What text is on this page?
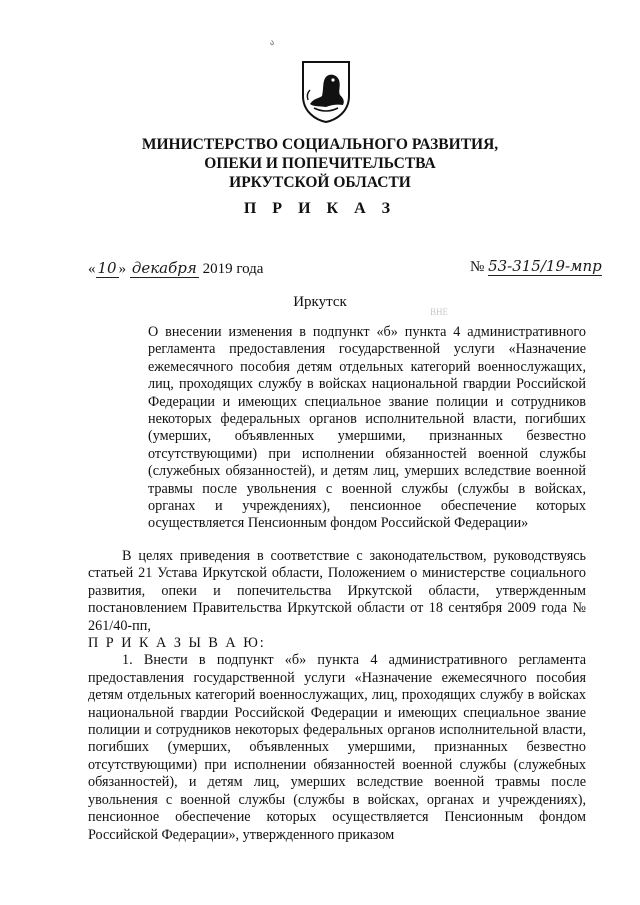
ა
МИНИСТЕРСТВО СОЦИАЛЬНОГО РАЗВИТИЯ,
ОПЕКИ И ПОПЕЧИТЕЛЬСТВА
ИРКУТСКОЙ ОБЛАСТИ
П Р И К А З
« 10 » декабря 2019 года	№ 53-315/19-мпр
Иркутск
ВНЕ
О внесении изменения в подпункт «б» пункта 4 административного регламента предоставления государственной услуги «Назначение ежемесячного пособия детям отдельных категорий военнослужащих, лиц, проходящих службу в войсках национальной гвардии Российской Федерации и имеющих специальное звание полиции и сотрудников некоторых федеральных органов исполнительной власти, погибших (умерших, объявленных умершими, признанных безвестно отсутствующими) при исполнении обязанностей военной службы (служебных обязанностей), и детям лиц, умерших вследствие военной травмы после увольнения с военной службы (службы в войсках, органах и учреждениях), пенсионное обеспечение которых осуществляется Пенсионным фондом Российской Федерации»

В целях приведения в соответствие с законодательством, руководствуясь статьей 21 Устава Иркутской области, Положением о министерстве социального развития, опеки и попечительства Иркутской области, утвержденным постановлением Правительства Иркутской области от 18 сентября 2009 года № 261/40-пп,

П Р И К А З Ы В А Ю:

1. Внести в подпункт «б» пункта 4 административного регламента предоставления государственной услуги «Назначение ежемесячного пособия детям отдельных категорий военнослужащих, лиц, проходящих службу в войсках национальной гвардии Российской Федерации и имеющих специальное звание полиции и сотрудников некоторых федеральных органов исполнительной власти, погибших (умерших, объявленных умершими, признанных безвестно отсутствующими) при исполнении обязанностей военной службы (служебных обязанностей), и детям лиц, умерших вследствие военной травмы после увольнения с военной службы (службы в войсках, органах и учреждениях), пенсионное обеспечение которых осуществляется Пенсионным фондом Российской Федерации», утвержденного приказом
